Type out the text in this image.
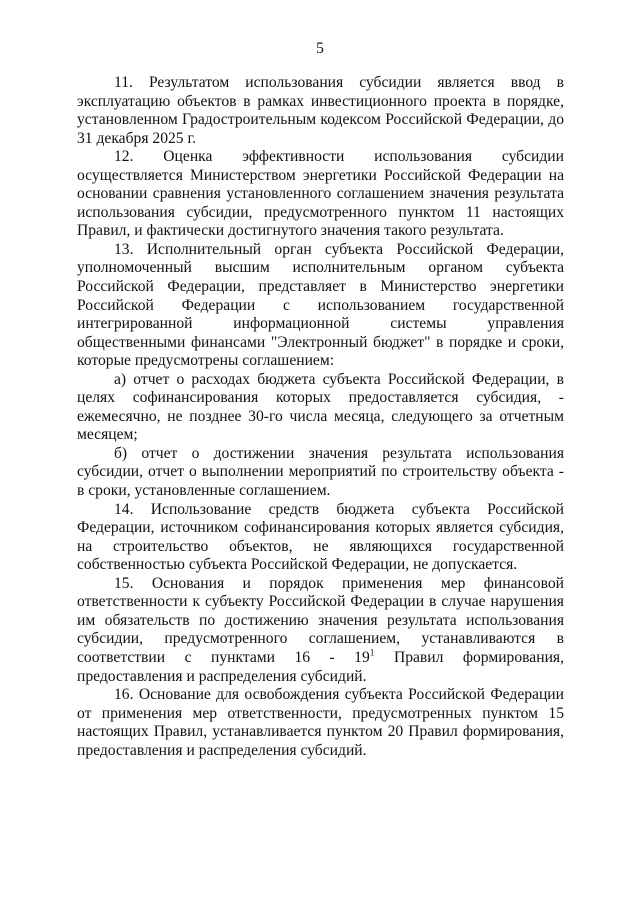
5

11. Результатом использования субсидии является ввод в эксплуатацию объектов в рамках инвестиционного проекта в порядке, установленном Градостроительным кодексом Российской Федерации, до 31 декабря 2025 г.

12. Оценка эффективности использования субсидии осуществляется Министерством энергетики Российской Федерации на основании сравнения установленного соглашением значения результата использования субсидии, предусмотренного пунктом 11 настоящих Правил, и фактически достигнутого значения такого результата.

13. Исполнительный орган субъекта Российской Федерации, уполномоченный высшим исполнительным органом субъекта Российской Федерации, представляет в Министерство энергетики Российской Федерации с использованием государственной интегрированной информационной системы управления общественными финансами "Электронный бюджет" в порядке и сроки, которые предусмотрены соглашением:

а) отчет о расходах бюджета субъекта Российской Федерации, в целях софинансирования которых предоставляется субсидия, - ежемесячно, не позднее 30-го числа месяца, следующего за отчетным месяцем;

б) отчет о достижении значения результата использования субсидии, отчет о выполнении мероприятий по строительству объекта - в сроки, установленные соглашением.

14. Использование средств бюджета субъекта Российской Федерации, источником софинансирования которых является субсидия, на строительство объектов, не являющихся государственной собственностью субъекта Российской Федерации, не допускается.

15. Основания и порядок применения мер финансовой ответственности к субъекту Российской Федерации в случае нарушения им обязательств по достижению значения результата использования субсидии, предусмотренного соглашением, устанавливаются в соответствии с пунктами $16 - 19^1$ Правил формирования, предоставления и распределения субсидий.

16. Основание для освобождения субъекта Российской Федерации от применения мер ответственности, предусмотренных пунктом 15 настоящих Правил, устанавливается пунктом 20 Правил формирования, предоставления и распределения субсидий.
